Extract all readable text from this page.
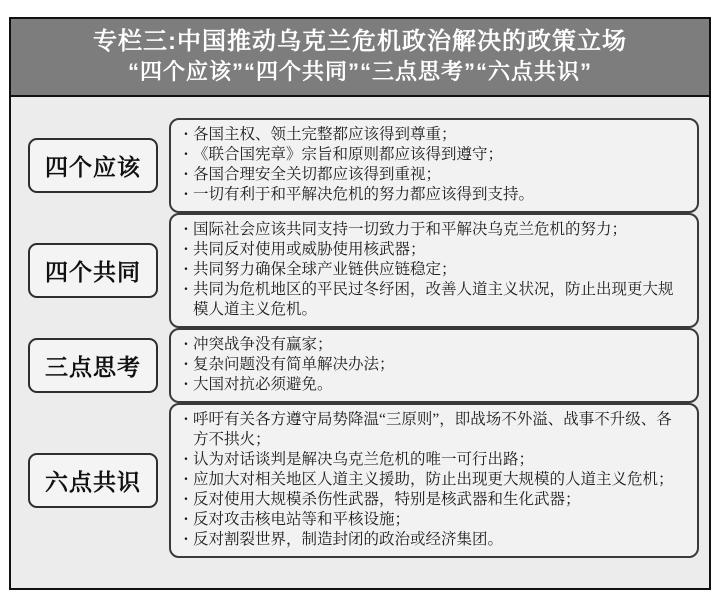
专栏三:中国推动乌克兰危机政治解决的政策立场
“四个应该”“四个共同”“三点思考”“六点共识”
四个应该
· 各国主权、领土完整都应该得到尊重；
· 《联合国宪章》宗旨和原则都应该得到遵守；
· 各国合理安全关切都应该得到重视；
· 一切有利于和平解决危机的努力都应该得到支持。
四个共同
· 国际社会应该共同支持一切致力于和平解决乌克兰危机的努力；
· 共同反对使用或威胁使用核武器；
· 共同努力确保全球产业链供应链稳定；
· 共同为危机地区的平民过冬纾困，改善人道主义状况，防止出现更大规模人道主义危机。
三点思考
· 冲突战争没有赢家；
· 复杂问题没有简单解决办法；
· 大国对抗必须避免。
六点共识
· 呼吁有关各方遵守局势降温“三原则”，即战场不外溢、战事不升级、各方不拱火；
· 认为对话谈判是解决乌克兰危机的唯一可行出路；
· 应加大对相关地区人道主义援助，防止出现更大规模的人道主义危机；
· 反对使用大规模杀伤性武器，特别是核武器和生化武器；
· 反对攻击核电站等和平核设施；
· 反对割裂世界，制造封闭的政治或经济集团。
